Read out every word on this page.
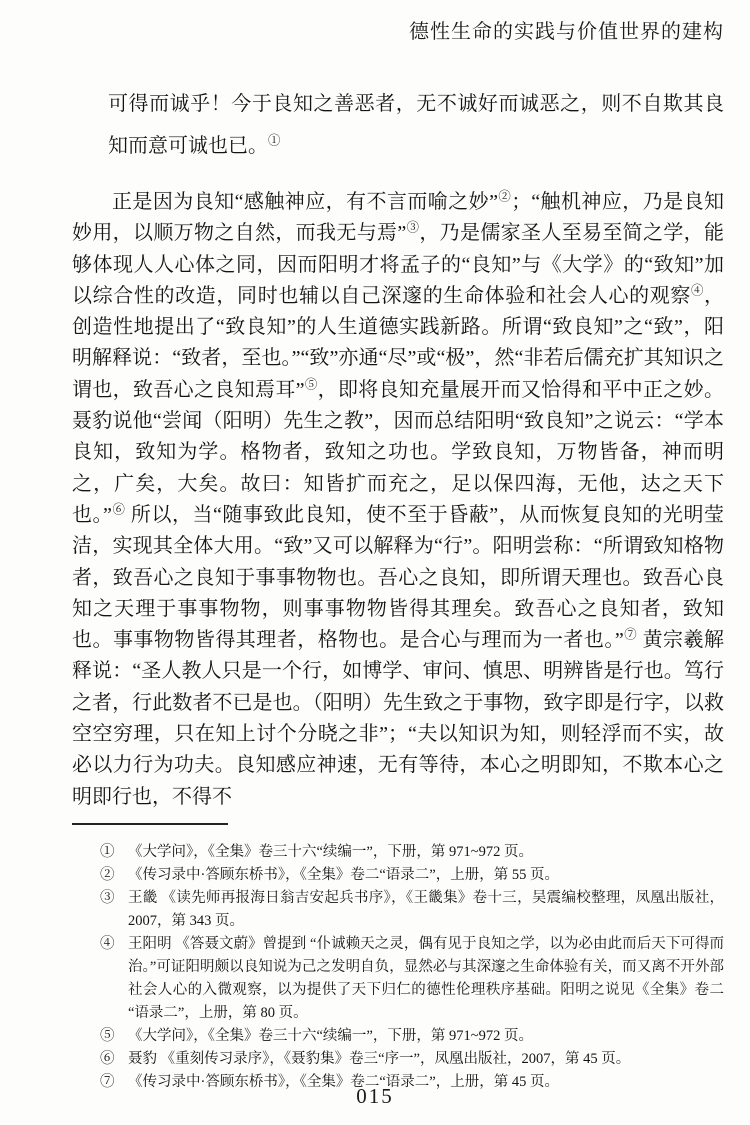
德性生命的实践与价值世界的建构

可得而诚乎！今于良知之善恶者，无不诚好而诚恶之，则不自欺其良知而意可诚也已。①

正是因为良知“感触神应，有不言而喻之妙”②；“触机神应，乃是良知妙用，以顺万物之自然，而我无与焉”③，乃是儒家圣人至易至简之学，能够体现人人心体之同，因而阳明才将孟子的“良知”与《大学》的“致知”加以综合性的改造，同时也辅以自己深邃的生命体验和社会人心的观察④，创造性地提出了“致良知”的人生道德实践新路。所谓“致良知”之“致”，阳明解释说：“致者，至也。”“致”亦通“尽”或“极”，然“非若后儒充扩其知识之谓也，致吾心之良知焉耳”⑤，即将良知充量展开而又恰得和平中正之妙。聂豹说他“尝闻（阳明）先生之教”，因而总结阳明“致良知”之说云：“学本良知，致知为学。格物者，致知之功也。学致良知，万物皆备，神而明之，广矣，大矣。故曰：知皆扩而充之，足以保四海，无他，达之天下也。”⑥ 所以，当“随事致此良知，使不至于昏蔽”，从而恢复良知的光明莹洁，实现其全体大用。“致”又可以解释为“行”。阳明尝称：“所谓致知格物者，致吾心之良知于事事物物也。吾心之良知，即所谓天理也。致吾心良知之天理于事事物物，则事事物物皆得其理矣。致吾心之良知者，致知也。事事物物皆得其理者，格物也。是合心与理而为一者也。”⑦ 黄宗羲解释说：“圣人教人只是一个行，如博学、审问、慎思、明辨皆是行也。笃行之者，行此数者不已是也。（阳明）先生致之于事物，致字即是行字，以救空空穷理，只在知上讨个分晓之非”；“夫以知识为知，则轻浮而不实，故必以力行为功夫。良知感应神速，无有等待，本心之明即知，不欺本心之明即行也，不得不

① 《大学问》，《全集》卷三十六“续编一”，下册，第 971~972 页。
② 《传习录中·答顾东桥书》，《全集》卷二“语录二”，上册，第 55 页。
③ 王畿 《读先师再报海日翁吉安起兵书序》，《王畿集》卷十三，吴震编校整理，凤凰出版社，2007，第 343 页。
④ 王阳明 《答聂文蔚》曾提到 “仆诚赖天之灵，偶有见于良知之学，以为必由此而后天下可得而治。”可证阳明颇以良知说为己之发明自负，显然必与其深邃之生命体验有关，而又离不开外部社会人心的入微观察，以为提供了天下归仁的德性伦理秩序基础。阳明之说见《全集》卷二“语录二”，上册，第 80 页。
⑤ 《大学问》，《全集》卷三十六“续编一”，下册，第 971~972 页。
⑥ 聂豹 《重刻传习录序》，《聂豹集》卷三“序一”，凤凰出版社，2007，第 45 页。
⑦ 《传习录中·答顾东桥书》，《全集》卷二“语录二”，上册，第 45 页。
015
